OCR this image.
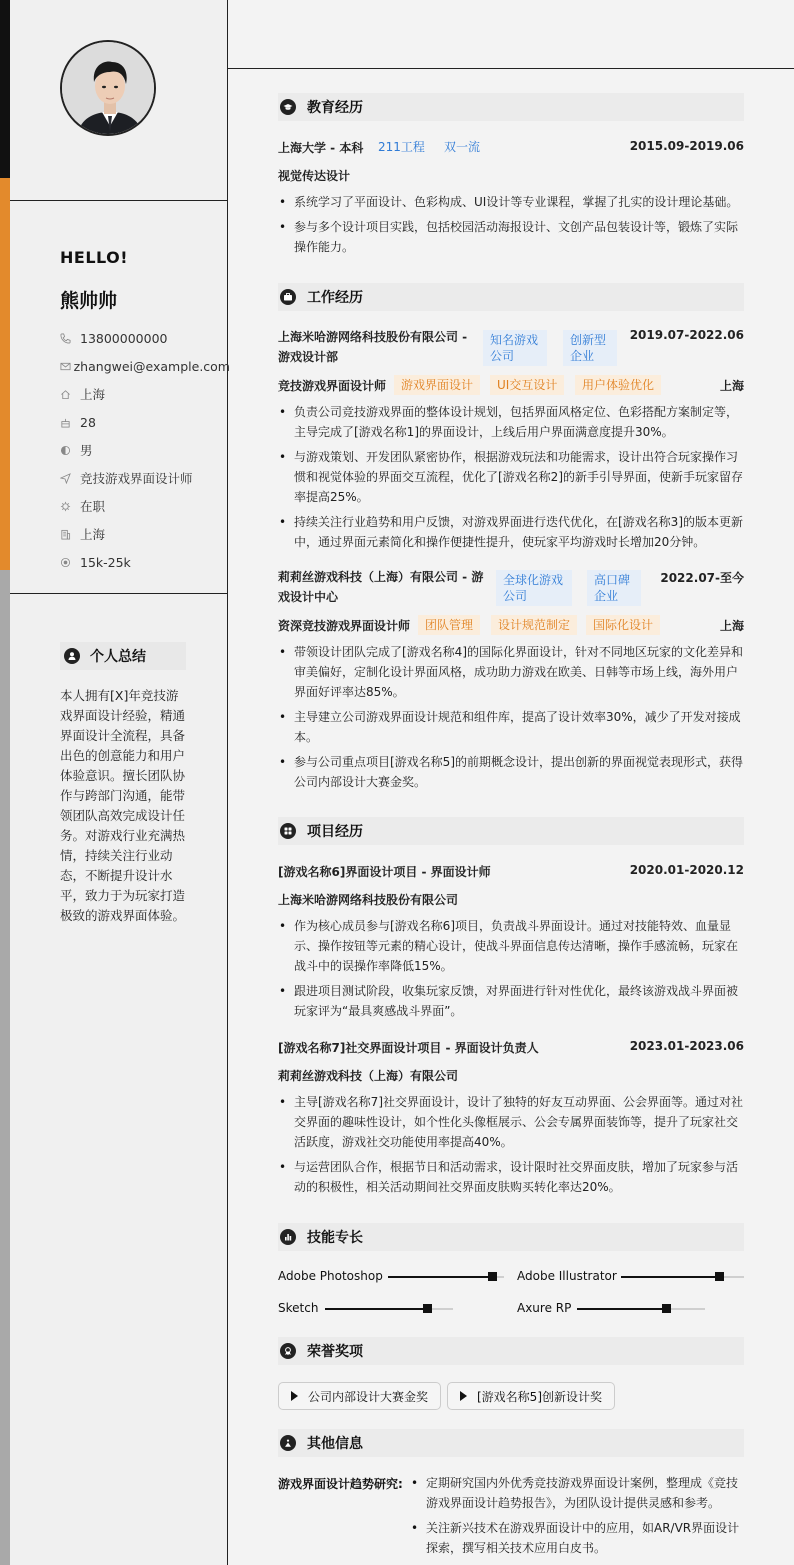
HELLO!
熊帅帅
13800000000
zhangwei@example.com
上海
28
男
竞技游戏界面设计师
在职
上海
15k-25k
个人总结
本人拥有[X]年竞技游戏界面设计经验，精通界面设计全流程，具备出色的创意能力和用户体验意识。擅长团队协作与跨部门沟通，能带领团队高效完成设计任务。对游戏行业充满热情，持续关注行业动态，不断提升设计水平，致力于为玩家打造极致的游戏界面体验。
教育经历
上海大学 - 本科	211工程	双一流	2015.09-2019.06
视觉传达设计
• 系统学习了平面设计、色彩构成、UI设计等专业课程，掌握了扎实的设计理论基础。
• 参与多个设计项目实践，包括校园活动海报设计、文创产品包装设计等，锻炼了实际操作能力。
工作经历
上海米哈游网络科技股份有限公司 - 游戏设计部
知名游戏公司
创新型企业
2019.07-2022.06
竞技游戏界面设计师	游戏界面设计	UI交互设计	用户体验优化	上海
• 负责公司竞技游戏界面的整体设计规划，包括界面风格定位、色彩搭配方案制定等，主导完成了[游戏名称1]的界面设计，上线后用户界面满意度提升30%。
• 与游戏策划、开发团队紧密协作，根据游戏玩法和功能需求，设计出符合玩家操作习惯和视觉体验的界面交互流程，优化了[游戏名称2]的新手引导界面，使新手玩家留存率提高25%。
• 持续关注行业趋势和用户反馈，对游戏界面进行迭代优化，在[游戏名称3]的版本更新中，通过界面元素简化和操作便捷性提升，使玩家平均游戏时长增加20分钟。
莉莉丝游戏科技（上海）有限公司 - 游戏设计中心
全球化游戏公司
高口碑企业
2022.07-至今
资深竞技游戏界面设计师	团队管理	设计规范制定	国际化设计	上海
• 带领设计团队完成了[游戏名称4]的国际化界面设计，针对不同地区玩家的文化差异和审美偏好，定制化设计界面风格，成功助力游戏在欧美、日韩等市场上线，海外用户界面好评率达85%。
• 主导建立公司游戏界面设计规范和组件库，提高了设计效率30%，减少了开发对接成本。
• 参与公司重点项目[游戏名称5]的前期概念设计，提出创新的界面视觉表现形式，获得公司内部设计大赛金奖。
项目经历
[游戏名称6]界面设计项目 - 界面设计师	2020.01-2020.12
上海米哈游网络科技股份有限公司
• 作为核心成员参与[游戏名称6]项目，负责战斗界面设计。通过对技能特效、血量显示、操作按钮等元素的精心设计，使战斗界面信息传达清晰，操作手感流畅，玩家在战斗中的误操作率降低15%。
• 跟进项目测试阶段，收集玩家反馈，对界面进行针对性优化，最终该游戏战斗界面被玩家评为“最具爽感战斗界面”。
[游戏名称7]社交界面设计项目 - 界面设计负责人	2023.01-2023.06
莉莉丝游戏科技（上海）有限公司
• 主导[游戏名称7]社交界面设计，设计了独特的好友互动界面、公会界面等。通过对社交界面的趣味性设计，如个性化头像框展示、公会专属界面装饰等，提升了玩家社交活跃度，游戏社交功能使用率提高40%。
• 与运营团队合作，根据节日和活动需求，设计限时社交界面皮肤，增加了玩家参与活动的积极性，相关活动期间社交界面皮肤购买转化率达20%。
技能专长
Adobe Photoshop	Adobe Illustrator
Sketch	Axure RP
荣誉奖项
公司内部设计大赛金奖	[游戏名称5]创新设计奖
其他信息
游戏界面设计趋势研究:
•	定期研究国内外优秀竞技游戏界面设计案例，整理成《竞技游戏界面设计趋势报告》，为团队设计提供灵感和参考。
• 关注新兴技术在游戏界面设计中的应用，如AR/VR界面设计探索，撰写相关技术应用白皮书。
